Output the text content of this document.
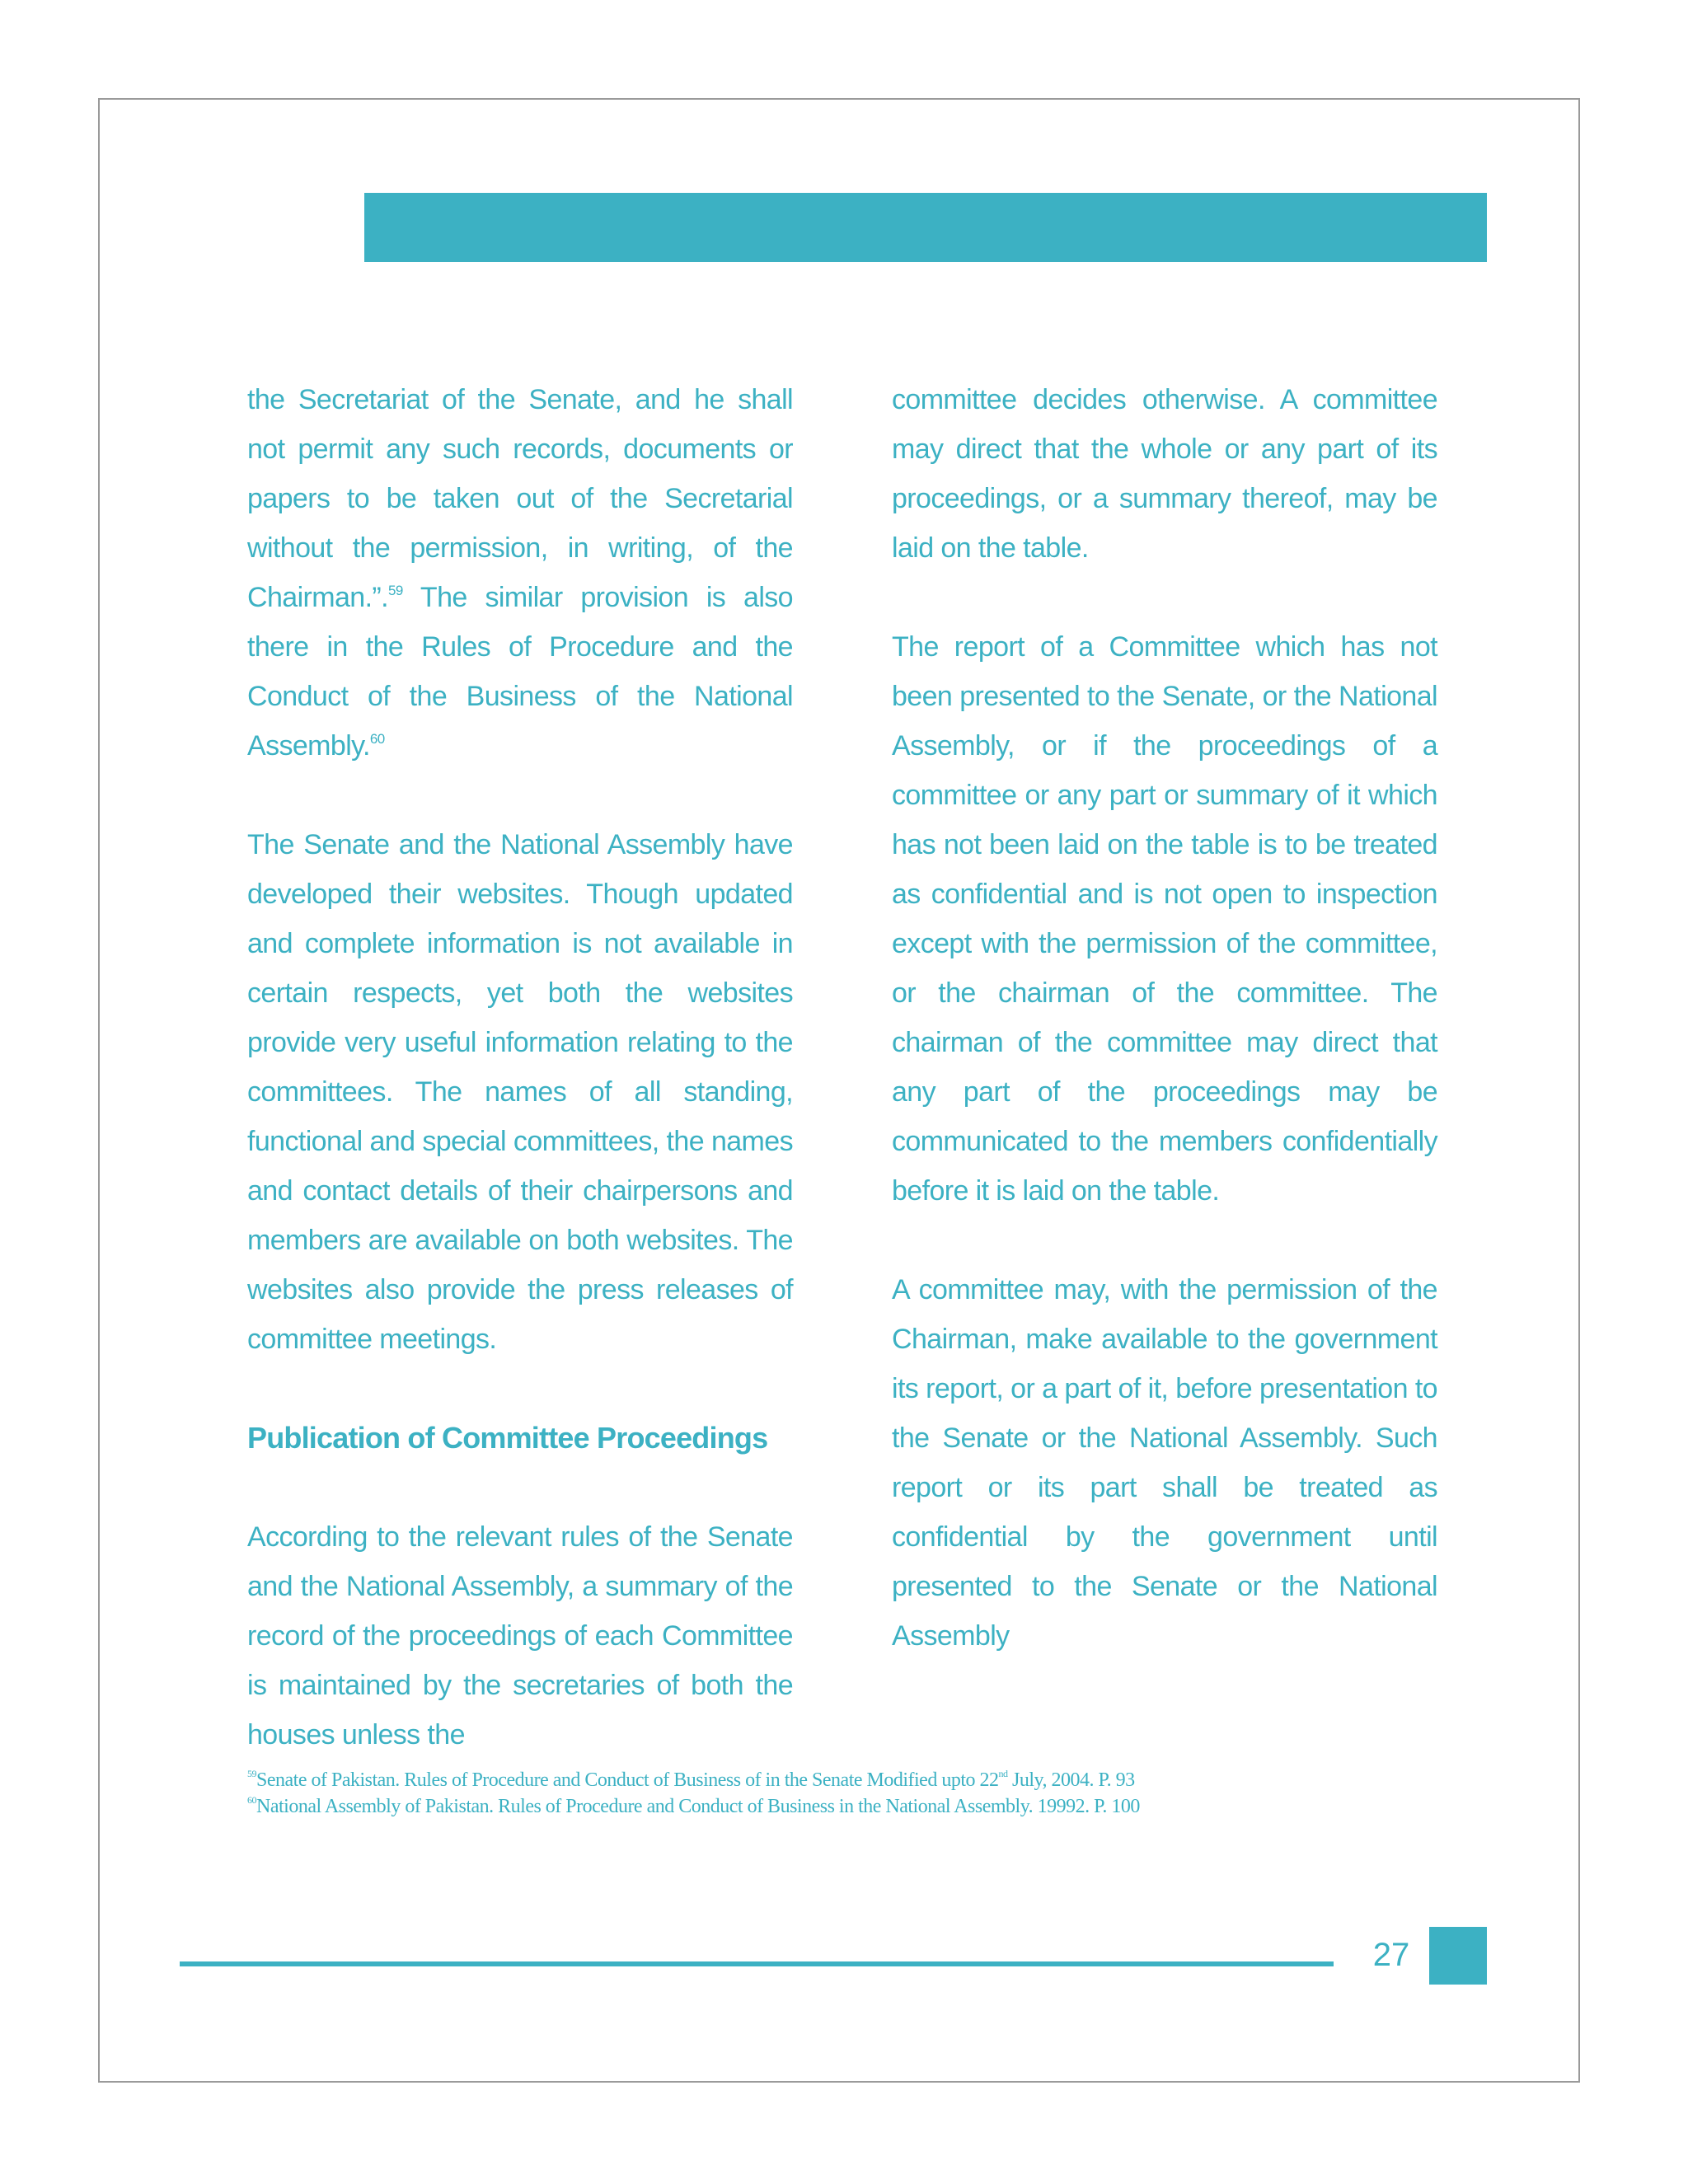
the Secretariat of the Senate, and he shall not permit any such records, documents or papers to be taken out of the Secretarial without the permission, in writing, of the Chairman.”.$^{59}$ The similar provision is also there in the Rules of Procedure and the Conduct of the Business of the National Assembly.$^{60}$

The Senate and the National Assembly have developed their websites. Though updated and complete information is not available in certain respects, yet both the websites provide very useful information relating to the committees. The names of all standing, functional and special committees, the names and contact details of their chairpersons and members are available on both websites. The websites also provide the press releases of committee meetings.

Publication of Committee Proceedings

According to the relevant rules of the Senate and the National Assembly, a summary of the record of the proceedings of each Committee is maintained by the secretaries of both the houses unless the

committee decides otherwise. A committee may direct that the whole or any part of its proceedings, or a summary thereof, may be laid on the table.

The report of a Committee which has not been presented to the Senate, or the National Assembly, or if the proceedings of a committee or any part or summary of it which has not been laid on the table is to be treated as confidential and is not open to inspection except with the permission of the committee, or the chairman of the committee. The chairman of the committee may direct that any part of the proceedings may be communicated to the members confidentially before it is laid on the table.

A committee may, with the permission of the Chairman, make available to the government its report, or a part of it, before presentation to the Senate or the National Assembly. Such report or its part shall be treated as confidential by the government until presented to the Senate or the National Assembly

$^{59}$Senate of Pakistan. Rules of Procedure and Conduct of Business of in the Senate Modified upto 22nd July, 2004. P. 93
$^{60}$National Assembly of Pakistan. Rules of Procedure and Conduct of Business in the National Assembly. 19992. P. 100
27
